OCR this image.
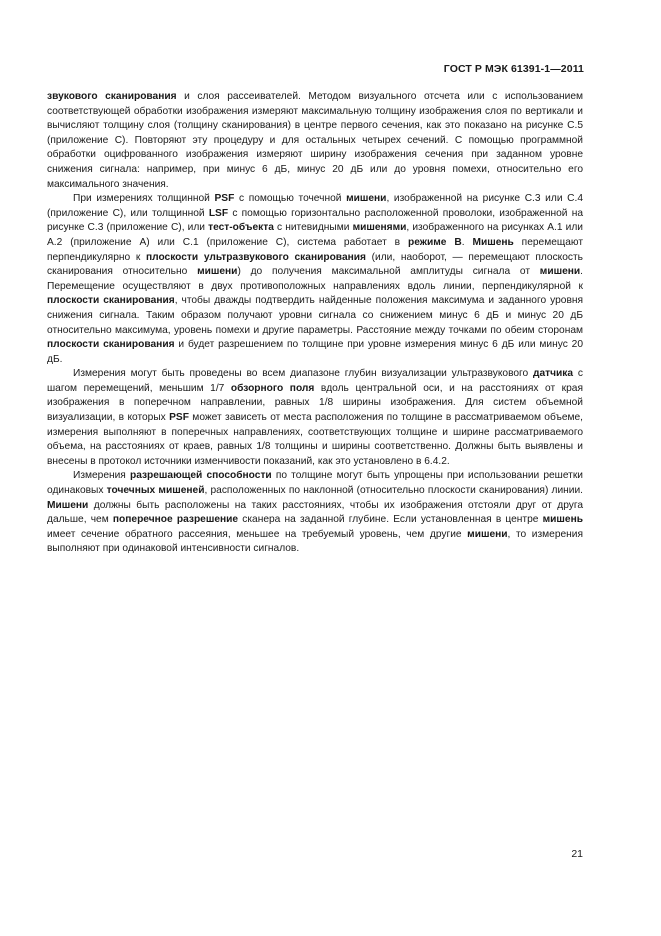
ГОСТ Р МЭК 61391-1—2011

звукового сканирования и слоя рассеивателей. Методом визуального отсчета или с использованием соответствующей обработки изображения измеряют максимальную толщину изображения слоя по вертикали и вычисляют толщину слоя (толщину сканирования) в центре первого сечения, как это показано на рисунке С.5 (приложение С). Повторяют эту процедуру и для остальных четырех сечений. С помощью программной обработки оцифрованного изображения измеряют ширину изображения сечения при заданном уровне снижения сигнала: например, при минус 6 дБ, минус 20 дБ или до уровня помехи, относительно его максимального значения.

При измерениях толщинной PSF с помощью точечной мишени, изображенной на рисунке С.3 или С.4 (приложение С), или толщинной LSF с помощью горизонтально расположенной проволоки, изображенной на рисунке С.3 (приложение С), или тест-объекта с нитевидными мишенями, изображенного на рисунках А.1 или А.2 (приложение А) или С.1 (приложение С), система работает в режиме В. Мишень перемещают перпендикулярно к плоскости ультразвукового сканирования (или, наоборот, — перемещают плоскость сканирования относительно мишени) до получения максимальной амплитуды сигнала от мишени. Перемещение осуществляют в двух противоположных направлениях вдоль линии, перпендикулярной к плоскости сканирования, чтобы дважды подтвердить найденные положения максимума и заданного уровня снижения сигнала. Таким образом получают уровни сигнала со снижением минус 6 дБ и минус 20 дБ относительно максимума, уровень помехи и другие параметры. Расстояние между точками по обеим сторонам плоскости сканирования и будет разрешением по толщине при уровне измерения минус 6 дБ или минус 20 дБ.

Измерения могут быть проведены во всем диапазоне глубин визуализации ультразвукового датчика с шагом перемещений, меньшим 1/7 обзорного поля вдоль центральной оси, и на расстояниях от края изображения в поперечном направлении, равных 1/8 ширины изображения. Для систем объемной визуализации, в которых PSF может зависеть от места расположения по толщине в рассматриваемом объеме, измерения выполняют в поперечных направлениях, соответствующих толщине и ширине рассматриваемого объема, на расстояниях от краев, равных 1/8 толщины и ширины соответственно. Должны быть выявлены и внесены в протокол источники изменчивости показаний, как это установлено в 6.4.2.

Измерения разрешающей способности по толщине могут быть упрощены при использовании решетки одинаковых точечных мишеней, расположенных по наклонной (относительно плоскости сканирования) линии. Мишени должны быть расположены на таких расстояниях, чтобы их изображения отстояли друг от друга дальше, чем поперечное разрешение сканера на заданной глубине. Если установленная в центре мишень имеет сечение обратного рассеяния, меньшее на требуемый уровень, чем другие мишени, то измерения выполняют при одинаковой интенсивности сигналов.

21
